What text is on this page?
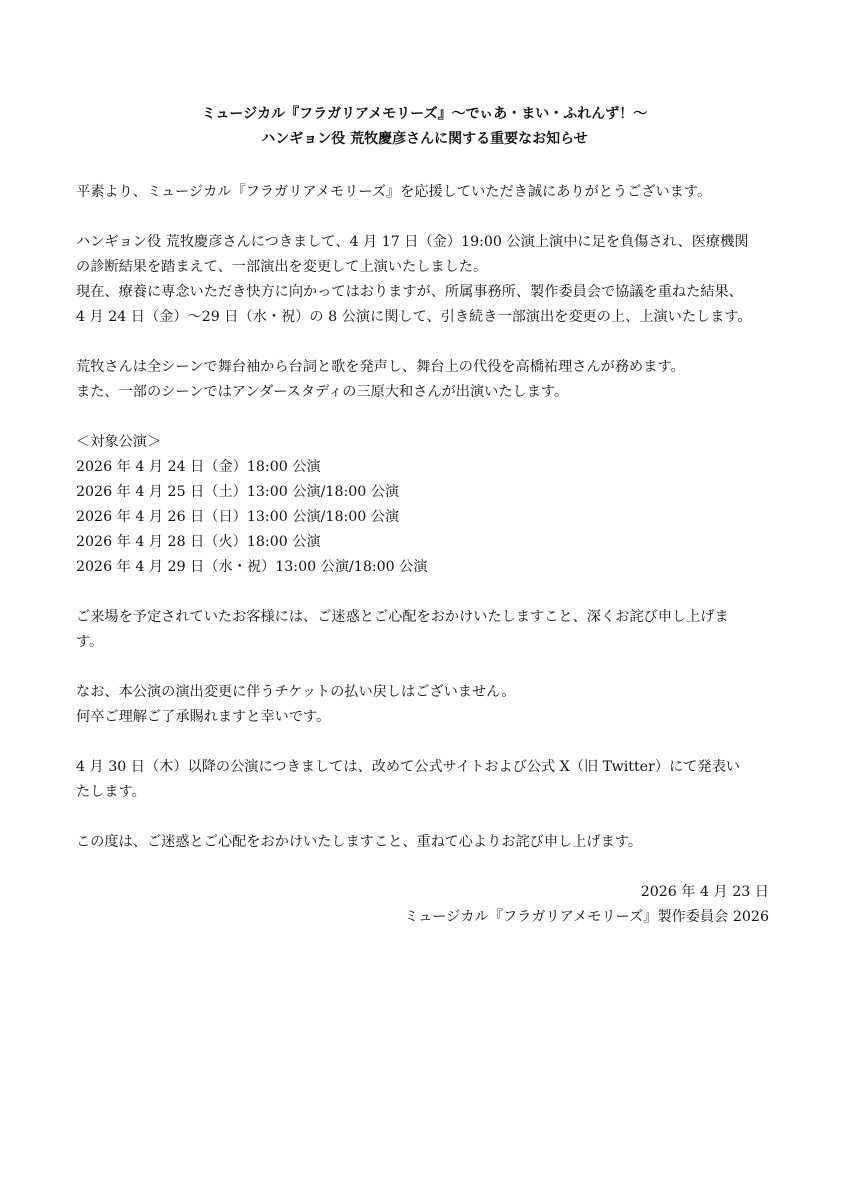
ミュージカル『フラガリアメモリーズ』〜でぃあ・まい・ふれんず！〜
ハンギョン役 荒牧慶彦さんに関する重要なお知らせ

平素より、ミュージカル『フラガリアメモリーズ』を応援していただき誠にありがとうございます。

ハンギョン役 荒牧慶彦さんにつきまして、4 月 17 日（金）19:00 公演上演中に足を負傷され、医療機関
の診断結果を踏まえて、一部演出を変更して上演いたしました。
現在、療養に専念いただき快方に向かってはおりますが、所属事務所、製作委員会で協議を重ねた結果、
4 月 24 日（金）〜29 日（水・祝）の 8 公演に関して、引き続き一部演出を変更の上、上演いたします。

荒牧さんは全シーンで舞台袖から台詞と歌を発声し、舞台上の代役を高橋祐理さんが務めます。
また、一部のシーンではアンダースタディの三原大和さんが出演いたします。

＜対象公演＞
2026 年 4 月 24 日（金）18:00 公演
2026 年 4 月 25 日（土）13:00 公演/18:00 公演
2026 年 4 月 26 日（日）13:00 公演/18:00 公演
2026 年 4 月 28 日（火）18:00 公演
2026 年 4 月 29 日（水・祝）13:00 公演/18:00 公演

ご来場を予定されていたお客様には、ご迷惑とご心配をおかけいたしますこと、深くお詫び申し上げま
す。

なお、本公演の演出変更に伴うチケットの払い戻しはございません。
何卒ご理解ご了承賜れますと幸いです。

4 月 30 日（木）以降の公演につきましては、改めて公式サイトおよび公式 X（旧 Twitter）にて発表い
たします。

この度は、ご迷惑とご心配をおかけいたしますこと、重ねて心よりお詫び申し上げます。

2026 年 4 月 23 日
ミュージカル『フラガリアメモリーズ』製作委員会 2026
